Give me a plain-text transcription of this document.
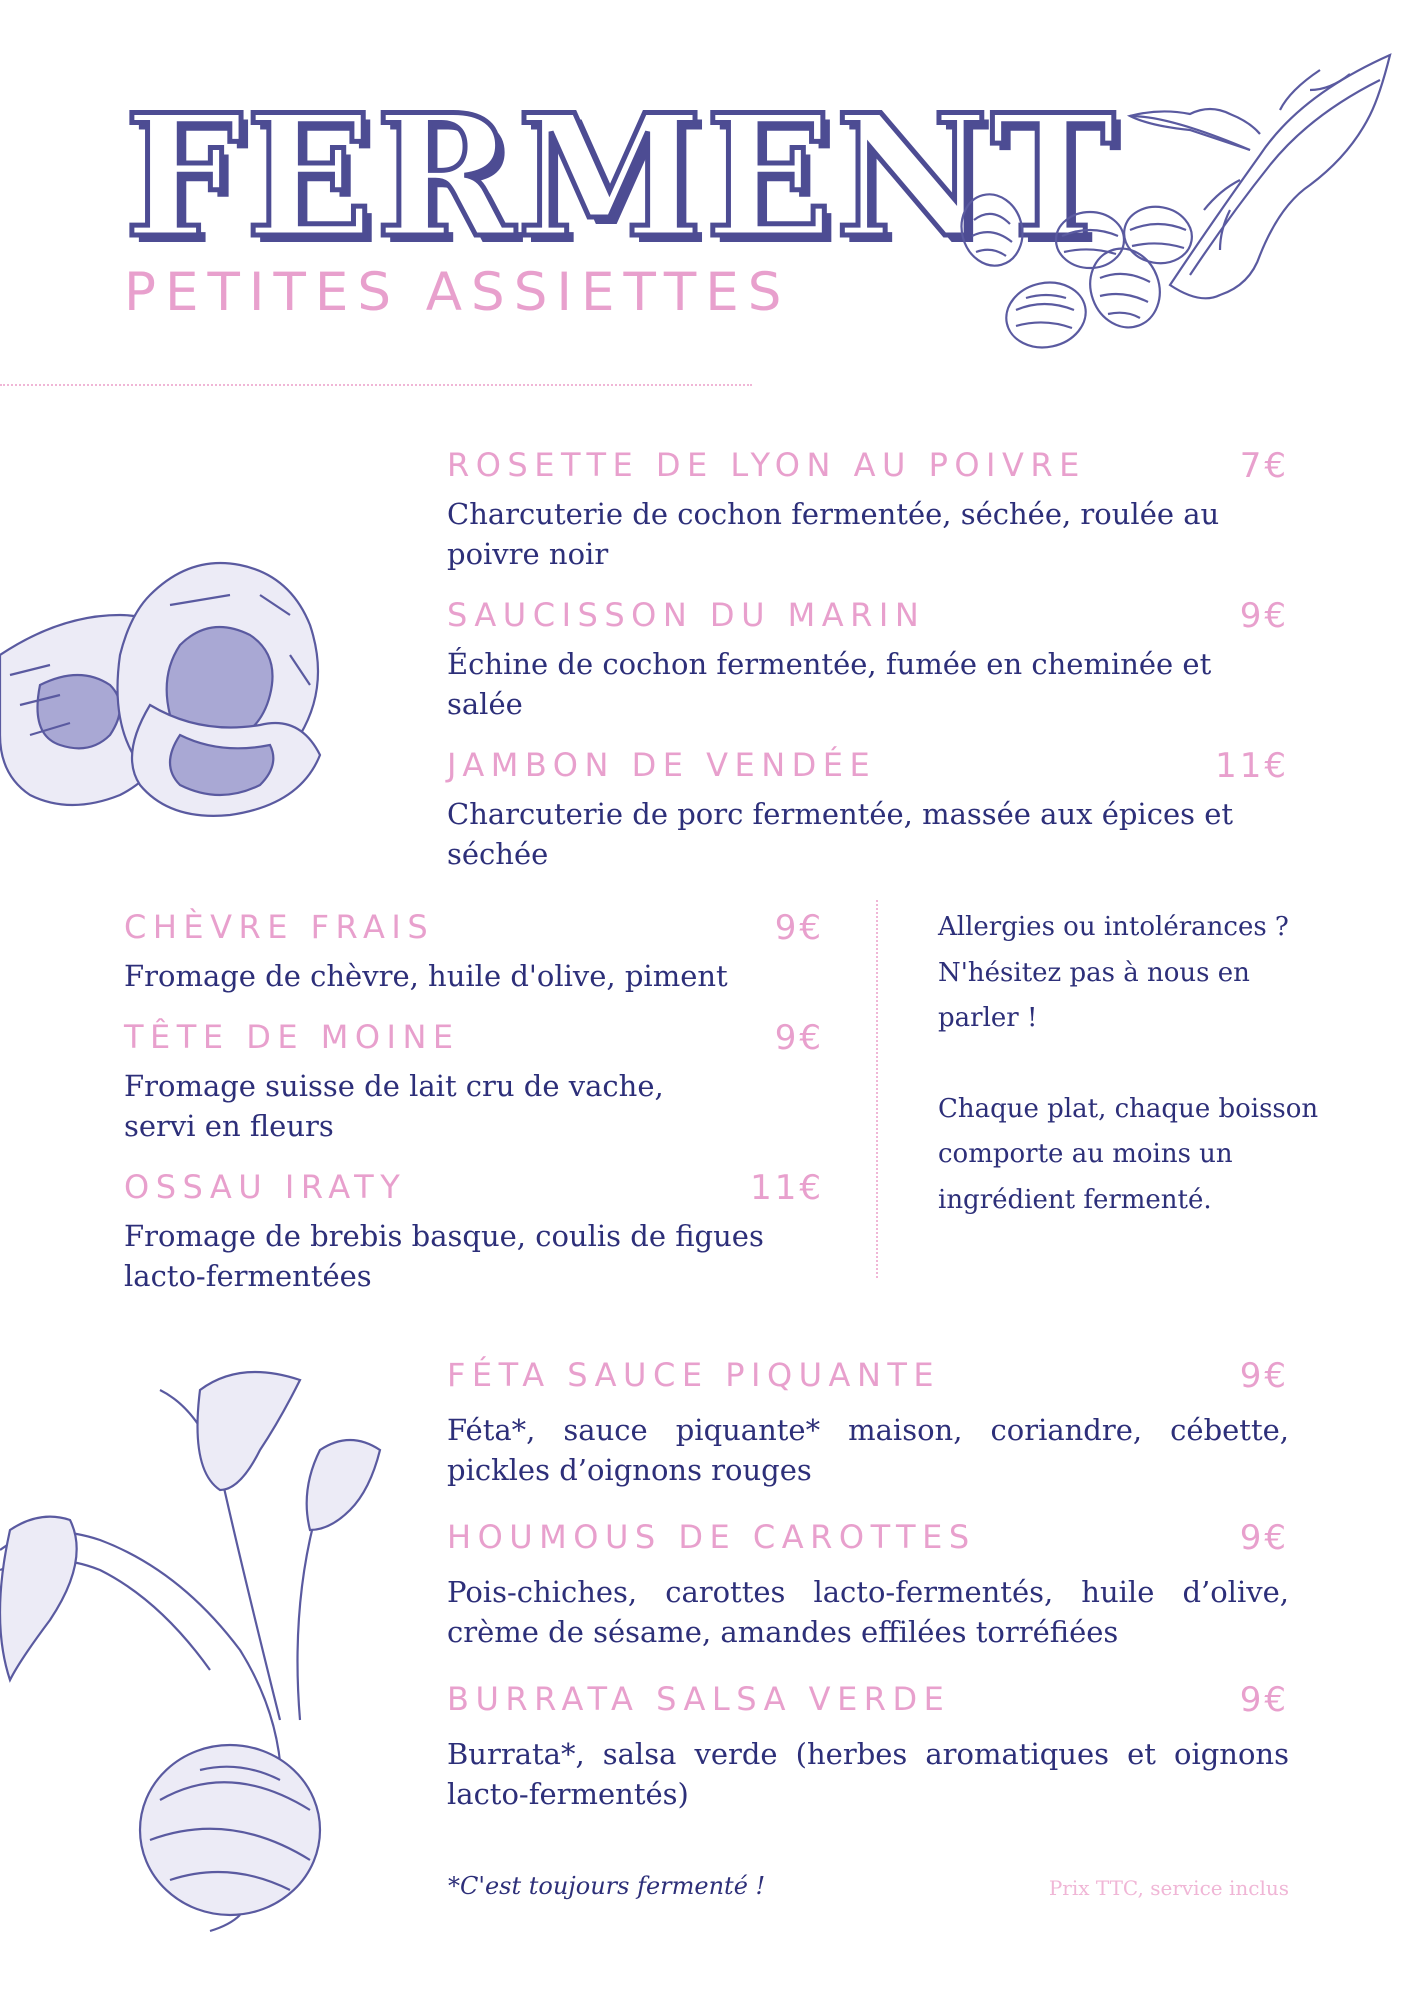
FERMENT
PETITES ASSIETTES
ROSETTE DE LYON AU POIVRE	7€
Charcuterie de cochon fermentée, séchée, roulée au poivre noir
SAUCISSON DU MARIN	9€
Échine de cochon fermentée, fumée en cheminée et salée
JAMBON DE VENDÉE	11€
Charcuterie de porc fermentée, massée aux épices et séchée
CHÈVRE FRAIS	9€
Fromage de chèvre, huile d'olive, piment
TÊTE DE MOINE	9€
Fromage suisse de lait cru de vache, servi en fleurs
OSSAU IRATY	11€
Fromage de brebis basque, coulis de figues lacto-fermentées

Allergies ou intolérances ? N'hésitez pas à nous en parler !

Chaque plat, chaque boisson comporte au moins un ingrédient fermenté.

FÉTA SAUCE PIQUANTE	9€
Féta*, sauce piquante* maison, coriandre, cébette, pickles d’oignons rouges
HOUMOUS DE CAROTTES	9€
Pois-chiches, carottes lacto-fermentés, huile d’olive, crème de sésame, amandes effilées torréfiées
BURRATA SALSA VERDE	9€
Burrata*, salsa verde (herbes aromatiques et oignons lacto-fermentés)
*C'est toujours fermenté !	Prix TTC, service inclus
